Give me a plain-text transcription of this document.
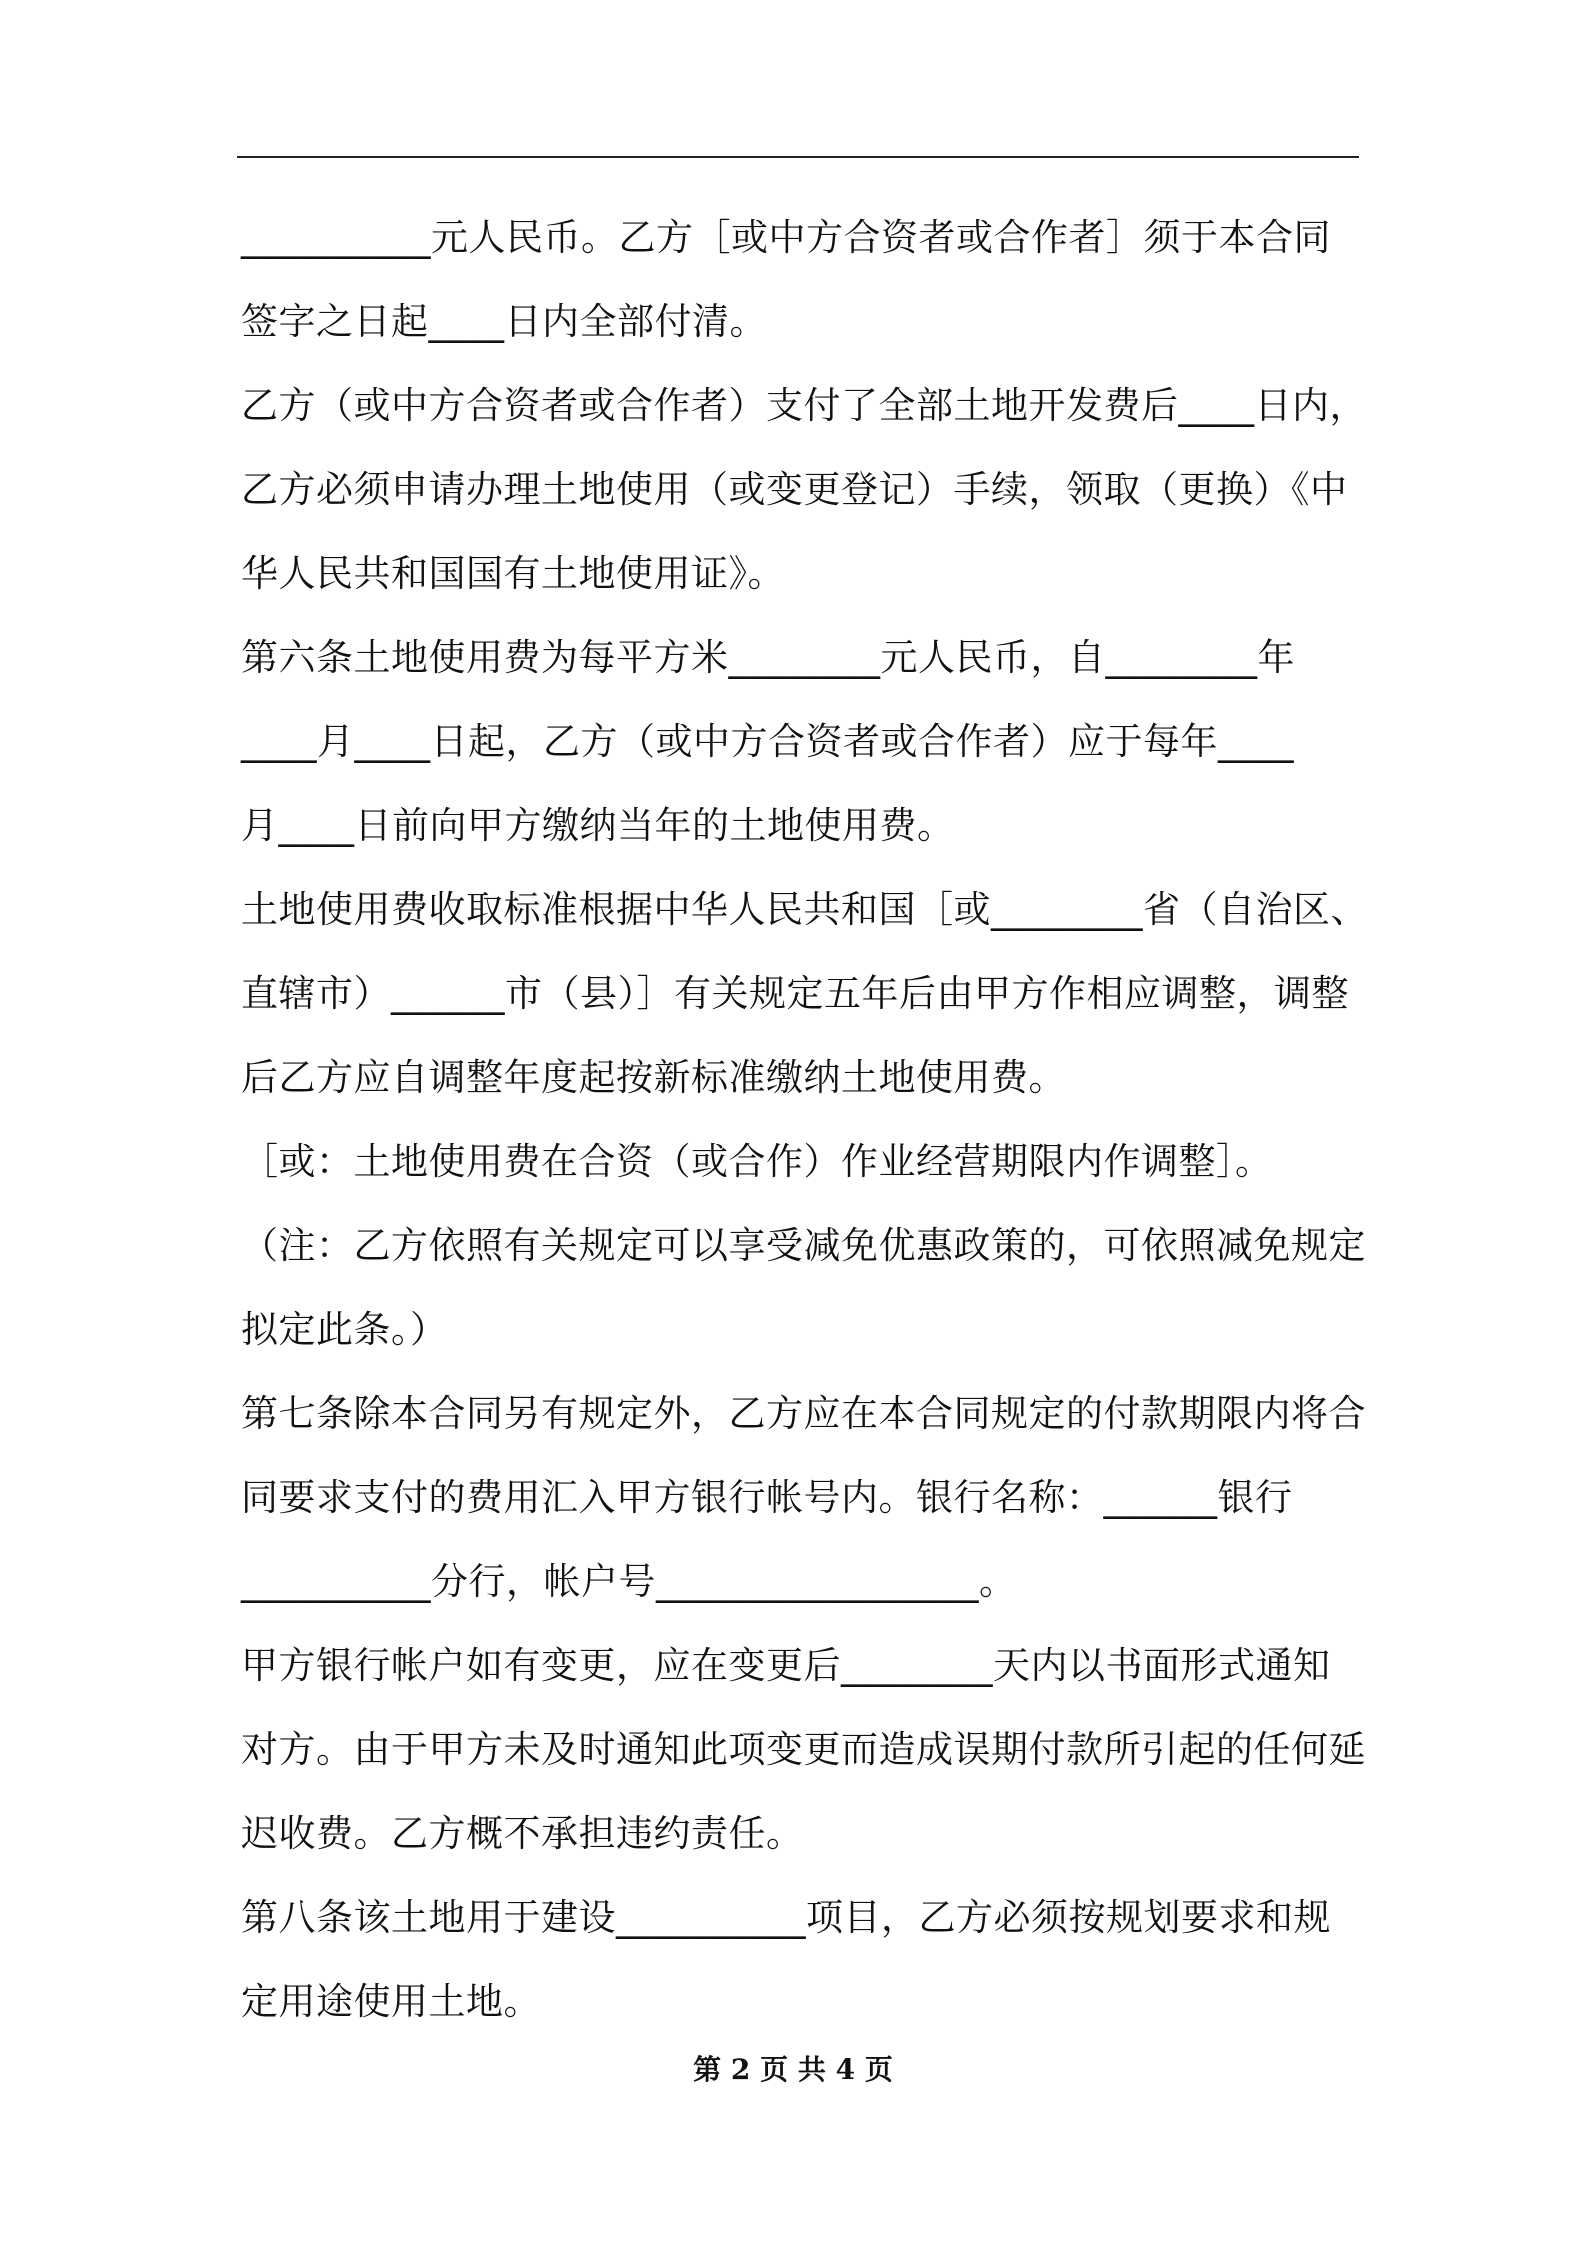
__________元人民币。乙方［或中方合资者或合作者］须于本合同
签字之日起____日内全部付清。
乙方（或中方合资者或合作者）支付了全部土地开发费后____日内，
乙方必须申请办理土地使用（或变更登记）手续，领取（更换）《中
华人民共和国国有土地使用证》。
第六条土地使用费为每平方米________元人民币，自________年
____月____日起，乙方（或中方合资者或合作者）应于每年____
月____日前向甲方缴纳当年的土地使用费。
土地使用费收取标准根据中华人民共和国［或________省（自治区、
直辖市）______市（县）］有关规定五年后由甲方作相应调整，调整
后乙方应自调整年度起按新标准缴纳土地使用费。
［或：土地使用费在合资（或合作）作业经营期限内作调整］。
（注：乙方依照有关规定可以享受减免优惠政策的，可依照减免规定
拟定此条。）
第七条除本合同另有规定外，乙方应在本合同规定的付款期限内将合
同要求支付的费用汇入甲方银行帐号内。银行名称：______银行
__________分行，帐户号_________________。
甲方银行帐户如有变更，应在变更后________天内以书面形式通知
对方。由于甲方未及时通知此项变更而造成误期付款所引起的任何延
迟收费。乙方概不承担违约责任。
第八条该土地用于建设__________项目，乙方必须按规划要求和规
定用途使用土地。
第 2 页 共 4 页
